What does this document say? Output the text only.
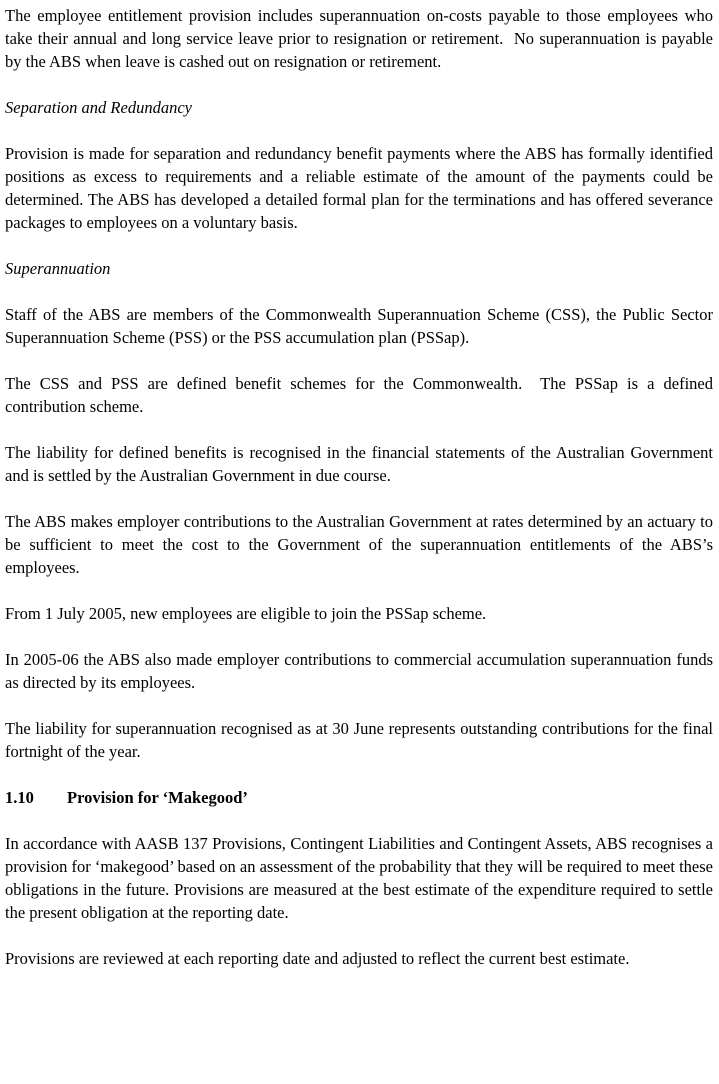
The employee entitlement provision includes superannuation on-costs payable to those employees who take their annual and long service leave prior to resignation or retirement.  No superannuation is payable by the ABS when leave is cashed out on resignation or retirement.

Separation and Redundancy

Provision is made for separation and redundancy benefit payments where the ABS has formally identified positions as excess to requirements and a reliable estimate of the amount of the payments could be determined. The ABS has developed a detailed formal plan for the terminations and has offered severance packages to employees on a voluntary basis.

Superannuation

Staff of the ABS are members of the Commonwealth Superannuation Scheme (CSS), the Public Sector Superannuation Scheme (PSS) or the PSS accumulation plan (PSSap).

The CSS and PSS are defined benefit schemes for the Commonwealth.  The PSSap is a defined contribution scheme.

The liability for defined benefits is recognised in the financial statements of the Australian Government and is settled by the Australian Government in due course.

The ABS makes employer contributions to the Australian Government at rates determined by an actuary to be sufficient to meet the cost to the Government of the superannuation entitlements of the ABS’s employees.

From 1 July 2005, new employees are eligible to join the PSSap scheme.

In 2005-06 the ABS also made employer contributions to commercial accumulation superannuation funds as directed by its employees.

The liability for superannuation recognised as at 30 June represents outstanding contributions for the final fortnight of the year.

1.10 Provision for ‘Makegood’

In accordance with AASB 137 Provisions, Contingent Liabilities and Contingent Assets, ABS recognises a provision for ‘makegood’ based on an assessment of the probability that they will be required to meet these obligations in the future. Provisions are measured at the best estimate of the expenditure required to settle the present obligation at the reporting date.

Provisions are reviewed at each reporting date and adjusted to reflect the current best estimate.
